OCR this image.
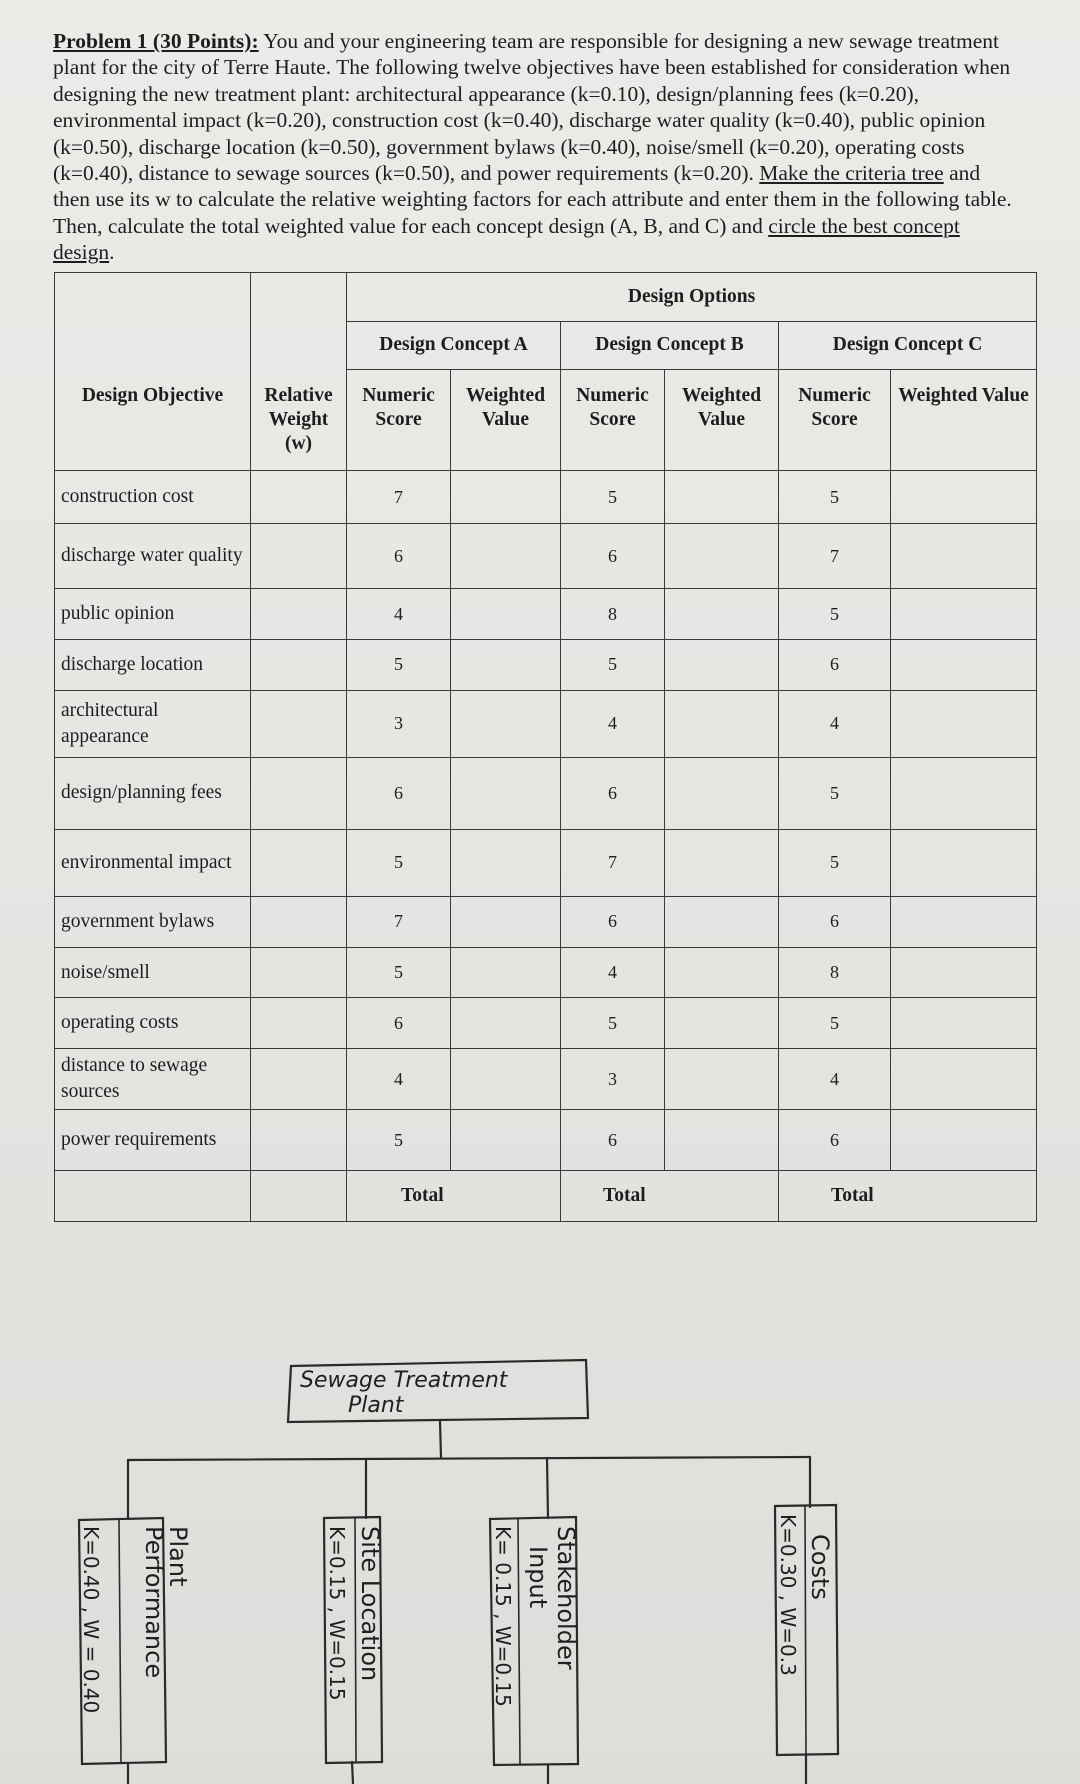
Problem 1 (30 Points): You and your engineering team are responsible for designing a new sewage treatment plant for the city of Terre Haute. The following twelve objectives have been established for consideration when designing the new treatment plant: architectural appearance (k=0.10), design/planning fees (k=0.20), environmental impact (k=0.20), construction cost (k=0.40), discharge water quality (k=0.40), public opinion (k=0.50), discharge location (k=0.50), government bylaws (k=0.40), noise/smell (k=0.20), operating costs (k=0.40), distance to sewage sources (k=0.50), and power requirements (k=0.20). Make the criteria tree and then use its w to calculate the relative weighting factors for each attribute and enter them in the following table. Then, calculate the total weighted value for each concept design (A, B, and C) and circle the best concept design.
		Design Options					
		Design Concept A		Design Concept B		Design Concept C	
Design Objective	Relative Weight (w)	Numeric Score	Weighted Value	Numeric Score	Weighted Value	Numeric Score	Weighted Value
construction cost		7		5		5	
discharge water quality		6		6		7	
public opinion		4		8		5	
discharge location		5		5		6	
architectural appearance		3		4		4	
design/planning fees		6		6		5	
environmental impact		5		7		5	
government bylaws		7		6		6	
noise/smell		5		4		8	
operating costs		6		5		5	
distance to sewage sources		4		3		4	
power requirements		5		6		6	
		Total		Total		Total	
Sewage Treatment
Plant
Plant
Performance
K=0.40 , W = 0.40	Site Location
K=0.15 , W=0.15	Stakeholder
Input
K= 0.15 , W=0.15	Costs
K=0.30 , W=0.3
